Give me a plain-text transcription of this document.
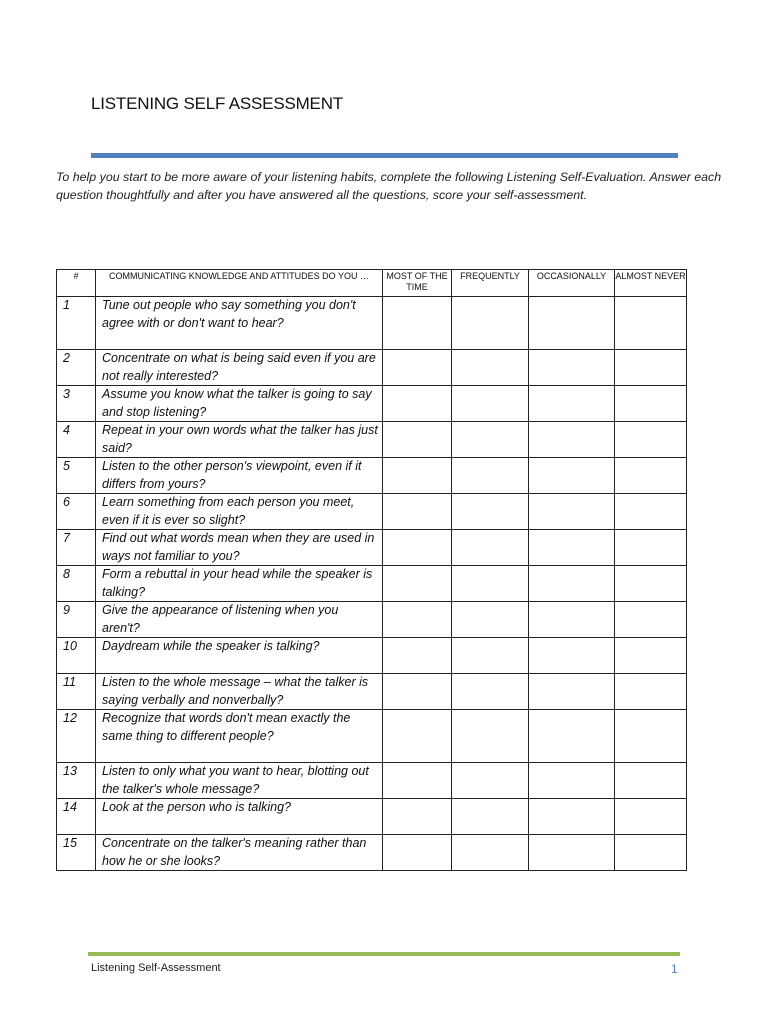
LISTENING SELF ASSESSMENT
To help you start to be more aware of your listening habits, complete the following Listening Self-Evaluation. Answer each question thoughtfully and after you have answered all the questions, score your self-assessment.
#	COMMUNICATING KNOWLEDGE AND ATTITUDES DO YOU …	MOST OF THE TIME	FREQUENTLY	OCCASIONALLY	ALMOST NEVER
1	Tune out people who say something you don't agree with or don't want to hear?				
2	Concentrate on what is being said even if you are not really interested?				
3	Assume you know what the talker is going to say and stop listening?				
4	Repeat in your own words what the talker has just said?				
5	Listen to the other person's viewpoint, even if it differs from yours?				
6	Learn something from each person you meet, even if it is ever so slight?				
7	Find out what words mean when they are used in ways not familiar to you?				
8	Form a rebuttal in your head while the speaker is talking?				
9	Give the appearance of listening when you aren't?				
10	Daydream while the speaker is talking?				
11	Listen to the whole message – what the talker is saying verbally and nonverbally?				
12	Recognize that words don't mean exactly the same thing to different people?				
13	Listen to only what you want to hear, blotting out the talker's whole message?				
14	Look at the person who is talking?				
15	Concentrate on the talker's meaning rather than how he or she looks?				
Listening Self-Assessment	1
